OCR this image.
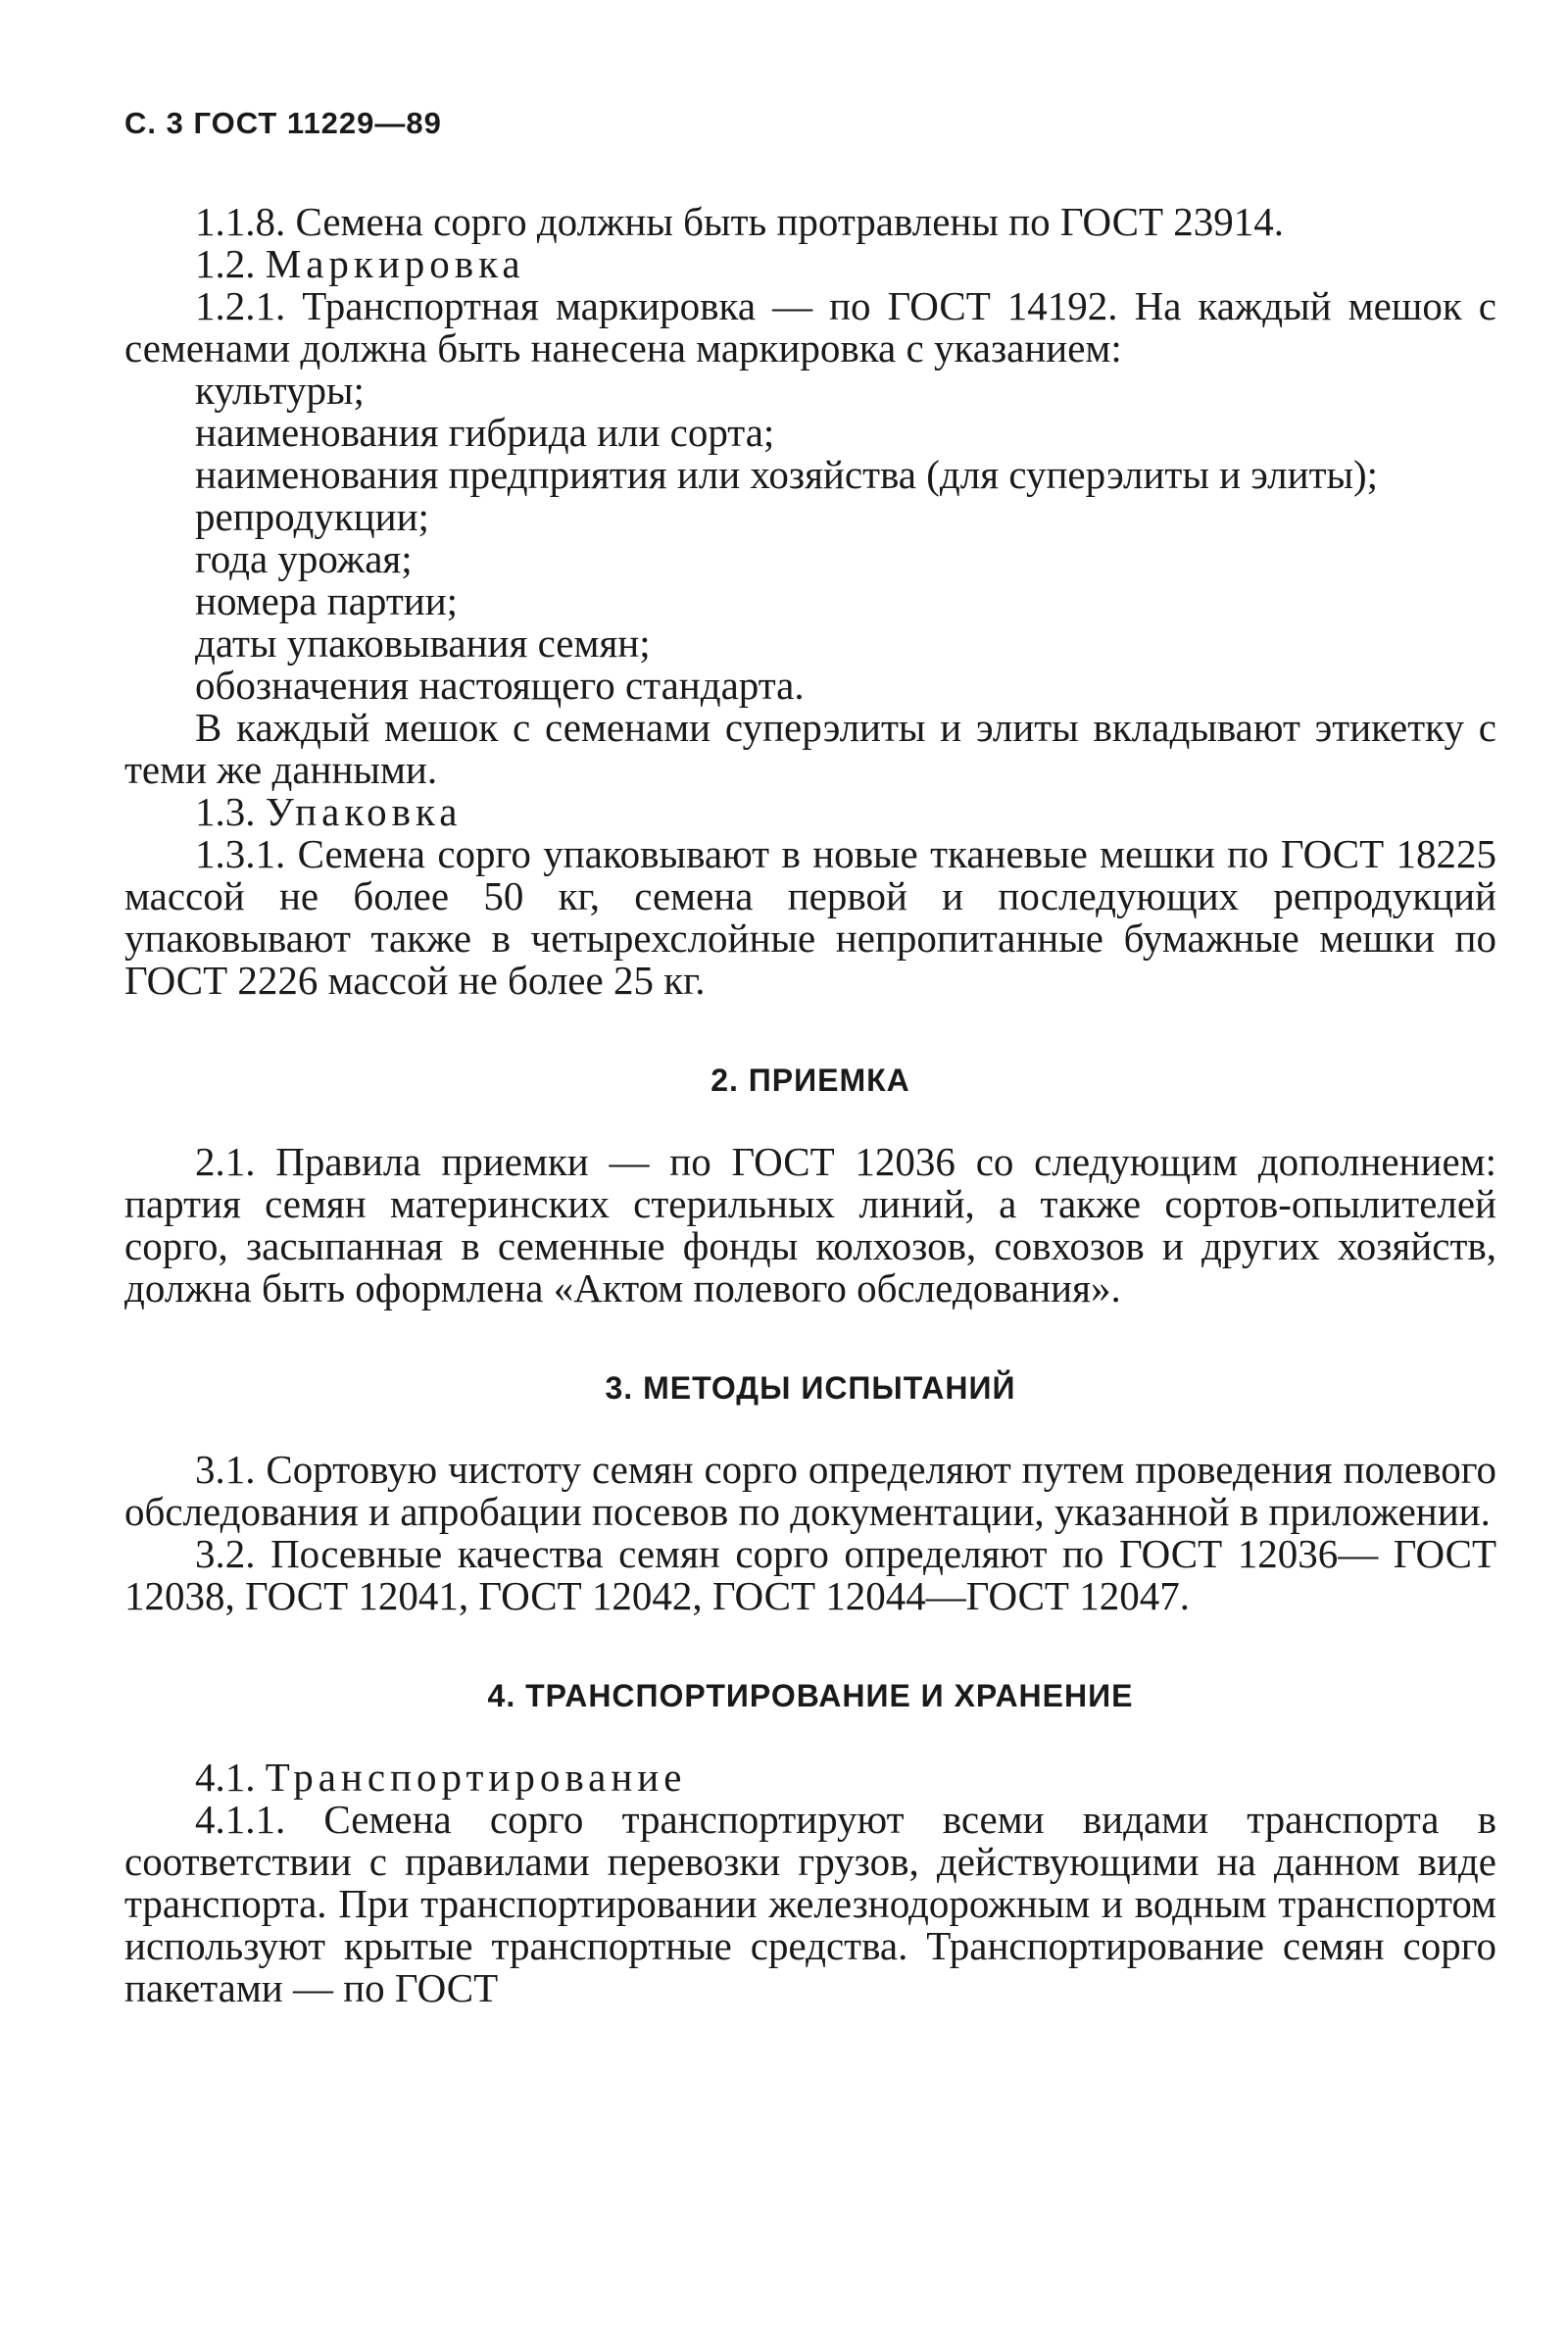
С. 3 ГОСТ 11229—89

1.1.8. Семена сорго должны быть протравлены по ГОСТ 23914.

1.2. Маркировка

1.2.1. Транспортная маркировка — по ГОСТ 14192. На каждый мешок с семенами должна быть нанесена маркировка с указанием:

культуры;

наименования гибрида или сорта;

наименования предприятия или хозяйства (для суперэлиты и элиты);

репродукции;

года урожая;

номера партии;

даты упаковывания семян;

обозначения настоящего стандарта.

В каждый мешок с семенами суперэлиты и элиты вкладывают этикетку с теми же данными.

1.3. Упаковка

1.3.1. Семена сорго упаковывают в новые тканевые мешки по ГОСТ 18225 массой не более 50 кг, семена первой и последующих репродукций упаковывают также в четырехслойные непропитанные бумажные мешки по ГОСТ 2226 массой не более 25 кг.

2. ПРИЕМКА

2.1. Правила приемки — по ГОСТ 12036 со следующим дополнением: партия семян материнских стерильных линий, а также сортов-опылителей сорго, засыпанная в семенные фонды колхозов, совхозов и других хозяйств, должна быть оформлена «Актом полевого обследования».

3. МЕТОДЫ ИСПЫТАНИЙ

3.1. Сортовую чистоту семян сорго определяют путем проведения полевого обследования и апробации посевов по документации, указанной в приложении.

3.2. Посевные качества семян сорго определяют по ГОСТ 12036— ГОСТ 12038, ГОСТ 12041, ГОСТ 12042, ГОСТ 12044—ГОСТ 12047.

4. ТРАНСПОРТИРОВАНИЕ И ХРАНЕНИЕ

4.1. Транспортирование

4.1.1. Семена сорго транспортируют всеми видами транспорта в соответствии с правилами перевозки грузов, действующими на данном виде транспорта. При транспортировании железнодорожным и водным транспортом используют крытые транспортные средства. Транспортирование семян сорго пакетами — по ГОСТ
